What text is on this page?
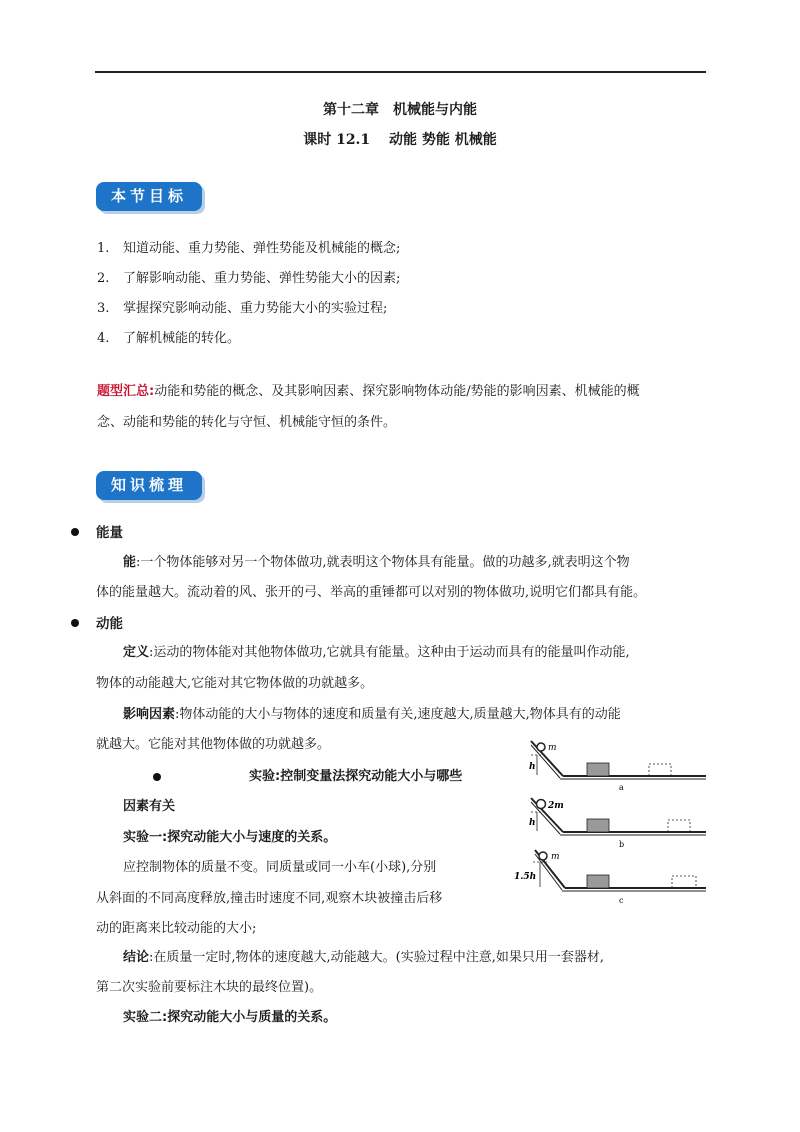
第十二章　机械能与内能
课时 12.1　 动能 势能 机械能
本节目标
1. 知道动能、重力势能、弹性势能及机械能的概念;
2. 了解影响动能、重力势能、弹性势能大小的因素;
3. 掌握探究影响动能、重力势能大小的实验过程;
4. 了解机械能的转化。
题型汇总:动能和势能的概念、及其影响因素、探究影响物体动能/势能的影响因素、机械能的概
念、动能和势能的转化与守恒、机械能守恒的条件。
知识梳理
能量
能:一个物体能够对另一个物体做功,就表明这个物体具有能量。做的功越多,就表明这个物
体的能量越大。流动着的风、张开的弓、举高的重锤都可以对别的物体做功,说明它们都具有能。
动能
定义:运动的物体能对其他物体做功,它就具有能量。这种由于运动而具有的能量叫作动能,
物体的动能越大,它能对其它物体做的功就越多。
影响因素:物体动能的大小与物体的速度和质量有关,速度越大,质量越大,物体具有的动能
就越大。它能对其他物体做的功就越多。
实验:控制变量法探究动能大小与哪些
因素有关
实验一:探究动能大小与速度的关系。
应控制物体的质量不变。同质量或同一小车(小球),分别
从斜面的不同高度释放,撞击时速度不同,观察木块被撞击后移
动的距离来比较动能的大小;
结论:在质量一定时,物体的速度越大,动能越大。(实验过程中注意,如果只用一套器材,
第二次实验前要标注木块的最终位置)。
实验二:探究动能大小与质量的关系。
m
h
a
2m
h
b
m
1.5h
c
